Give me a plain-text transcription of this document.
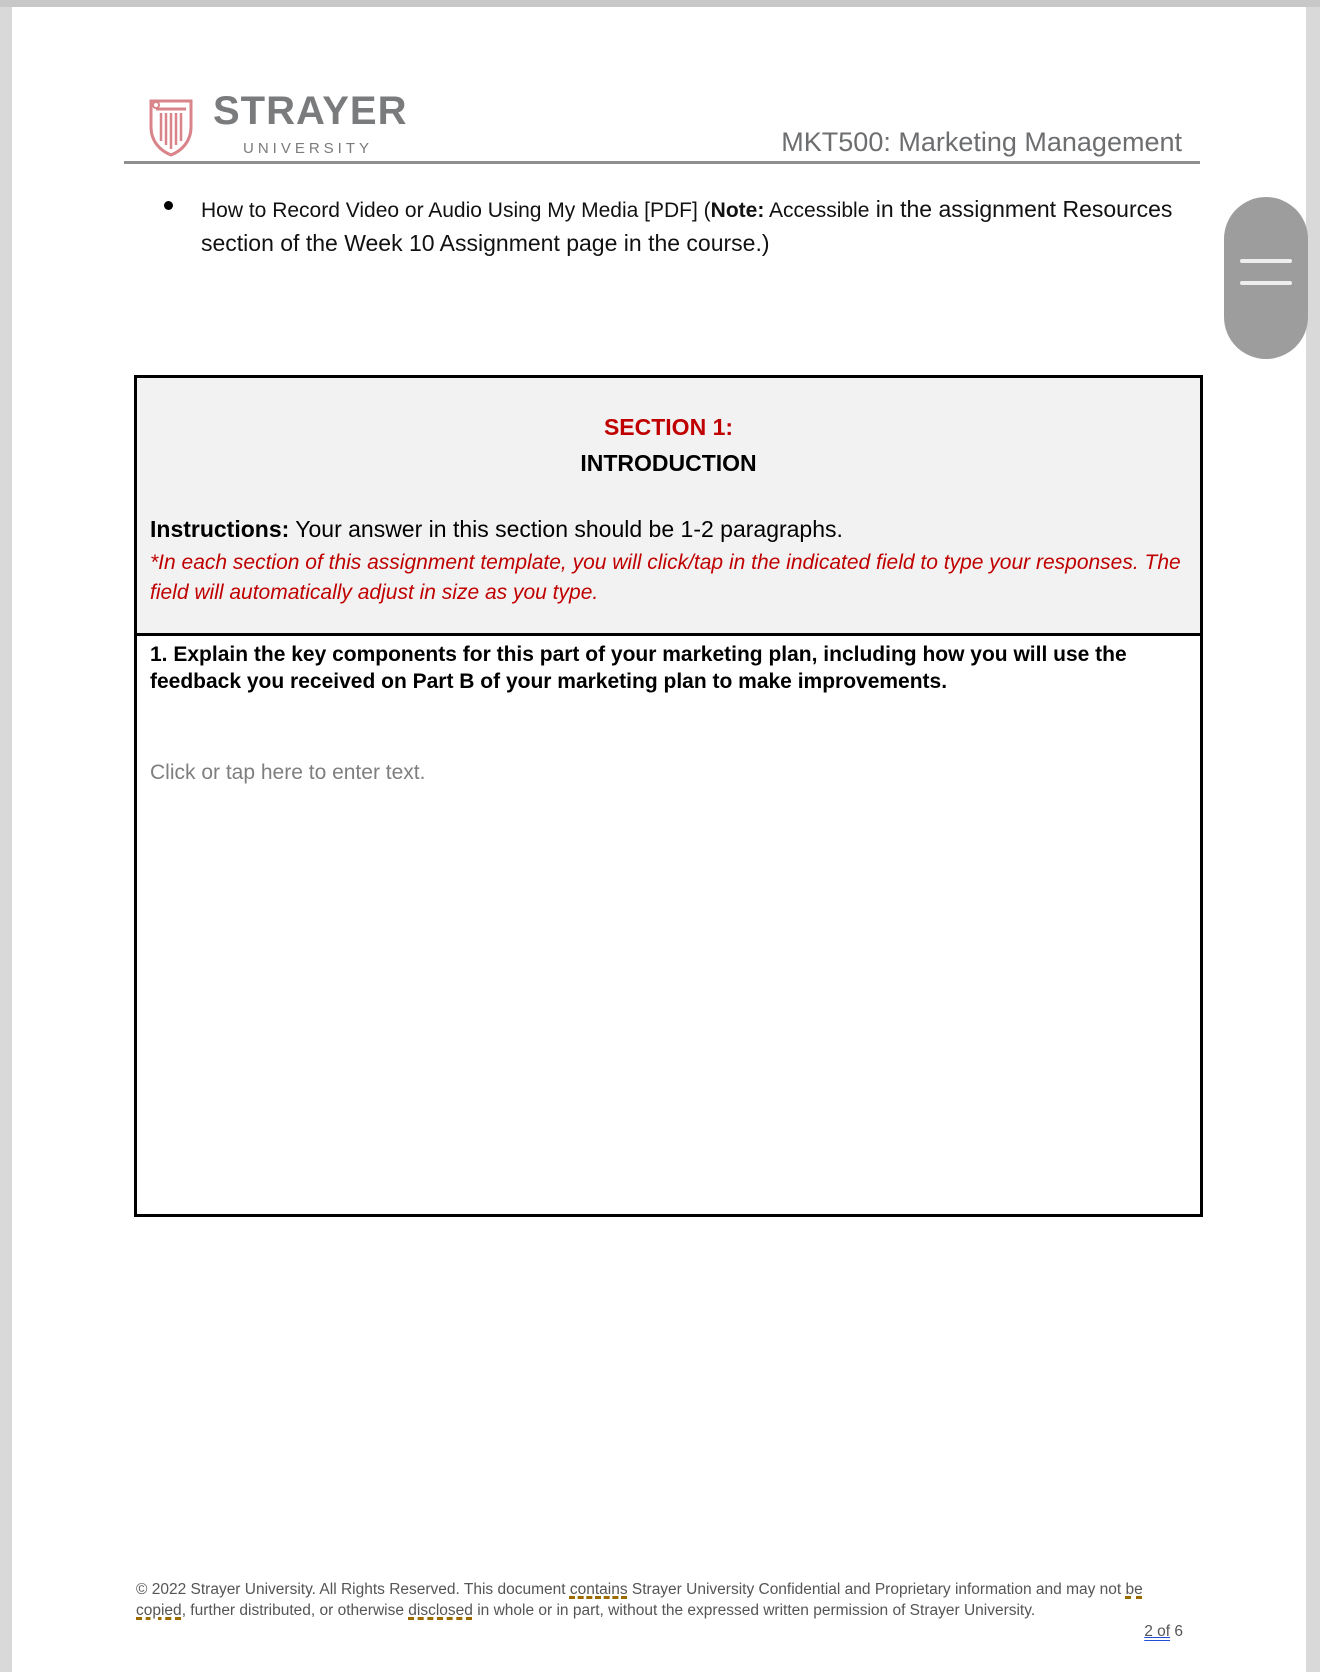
STRAYER
UNIVERSITY	MKT500: Marketing Management
How to Record Video or Audio Using My Media [PDF] (Note: Accessible in the assignment Resources section of the Week 10 Assignment page in the course.)
SECTION 1:
INTRODUCTION
Instructions: Your answer in this section should be 1-2 paragraphs.
*In each section of this assignment template, you will click/tap in the indicated field to type your responses. The field will automatically adjust in size as you type.
1. Explain the key components for this part of your marketing plan, including how you will use the feedback you received on Part B of your marketing plan to make improvements.
Click or tap here to enter text.
© 2022 Strayer University. All Rights Reserved. This document contains Strayer University Confidential and Proprietary information and may not be copied, further distributed, or otherwise disclosed in whole or in part, without the expressed written permission of Strayer University.
2 of 6
